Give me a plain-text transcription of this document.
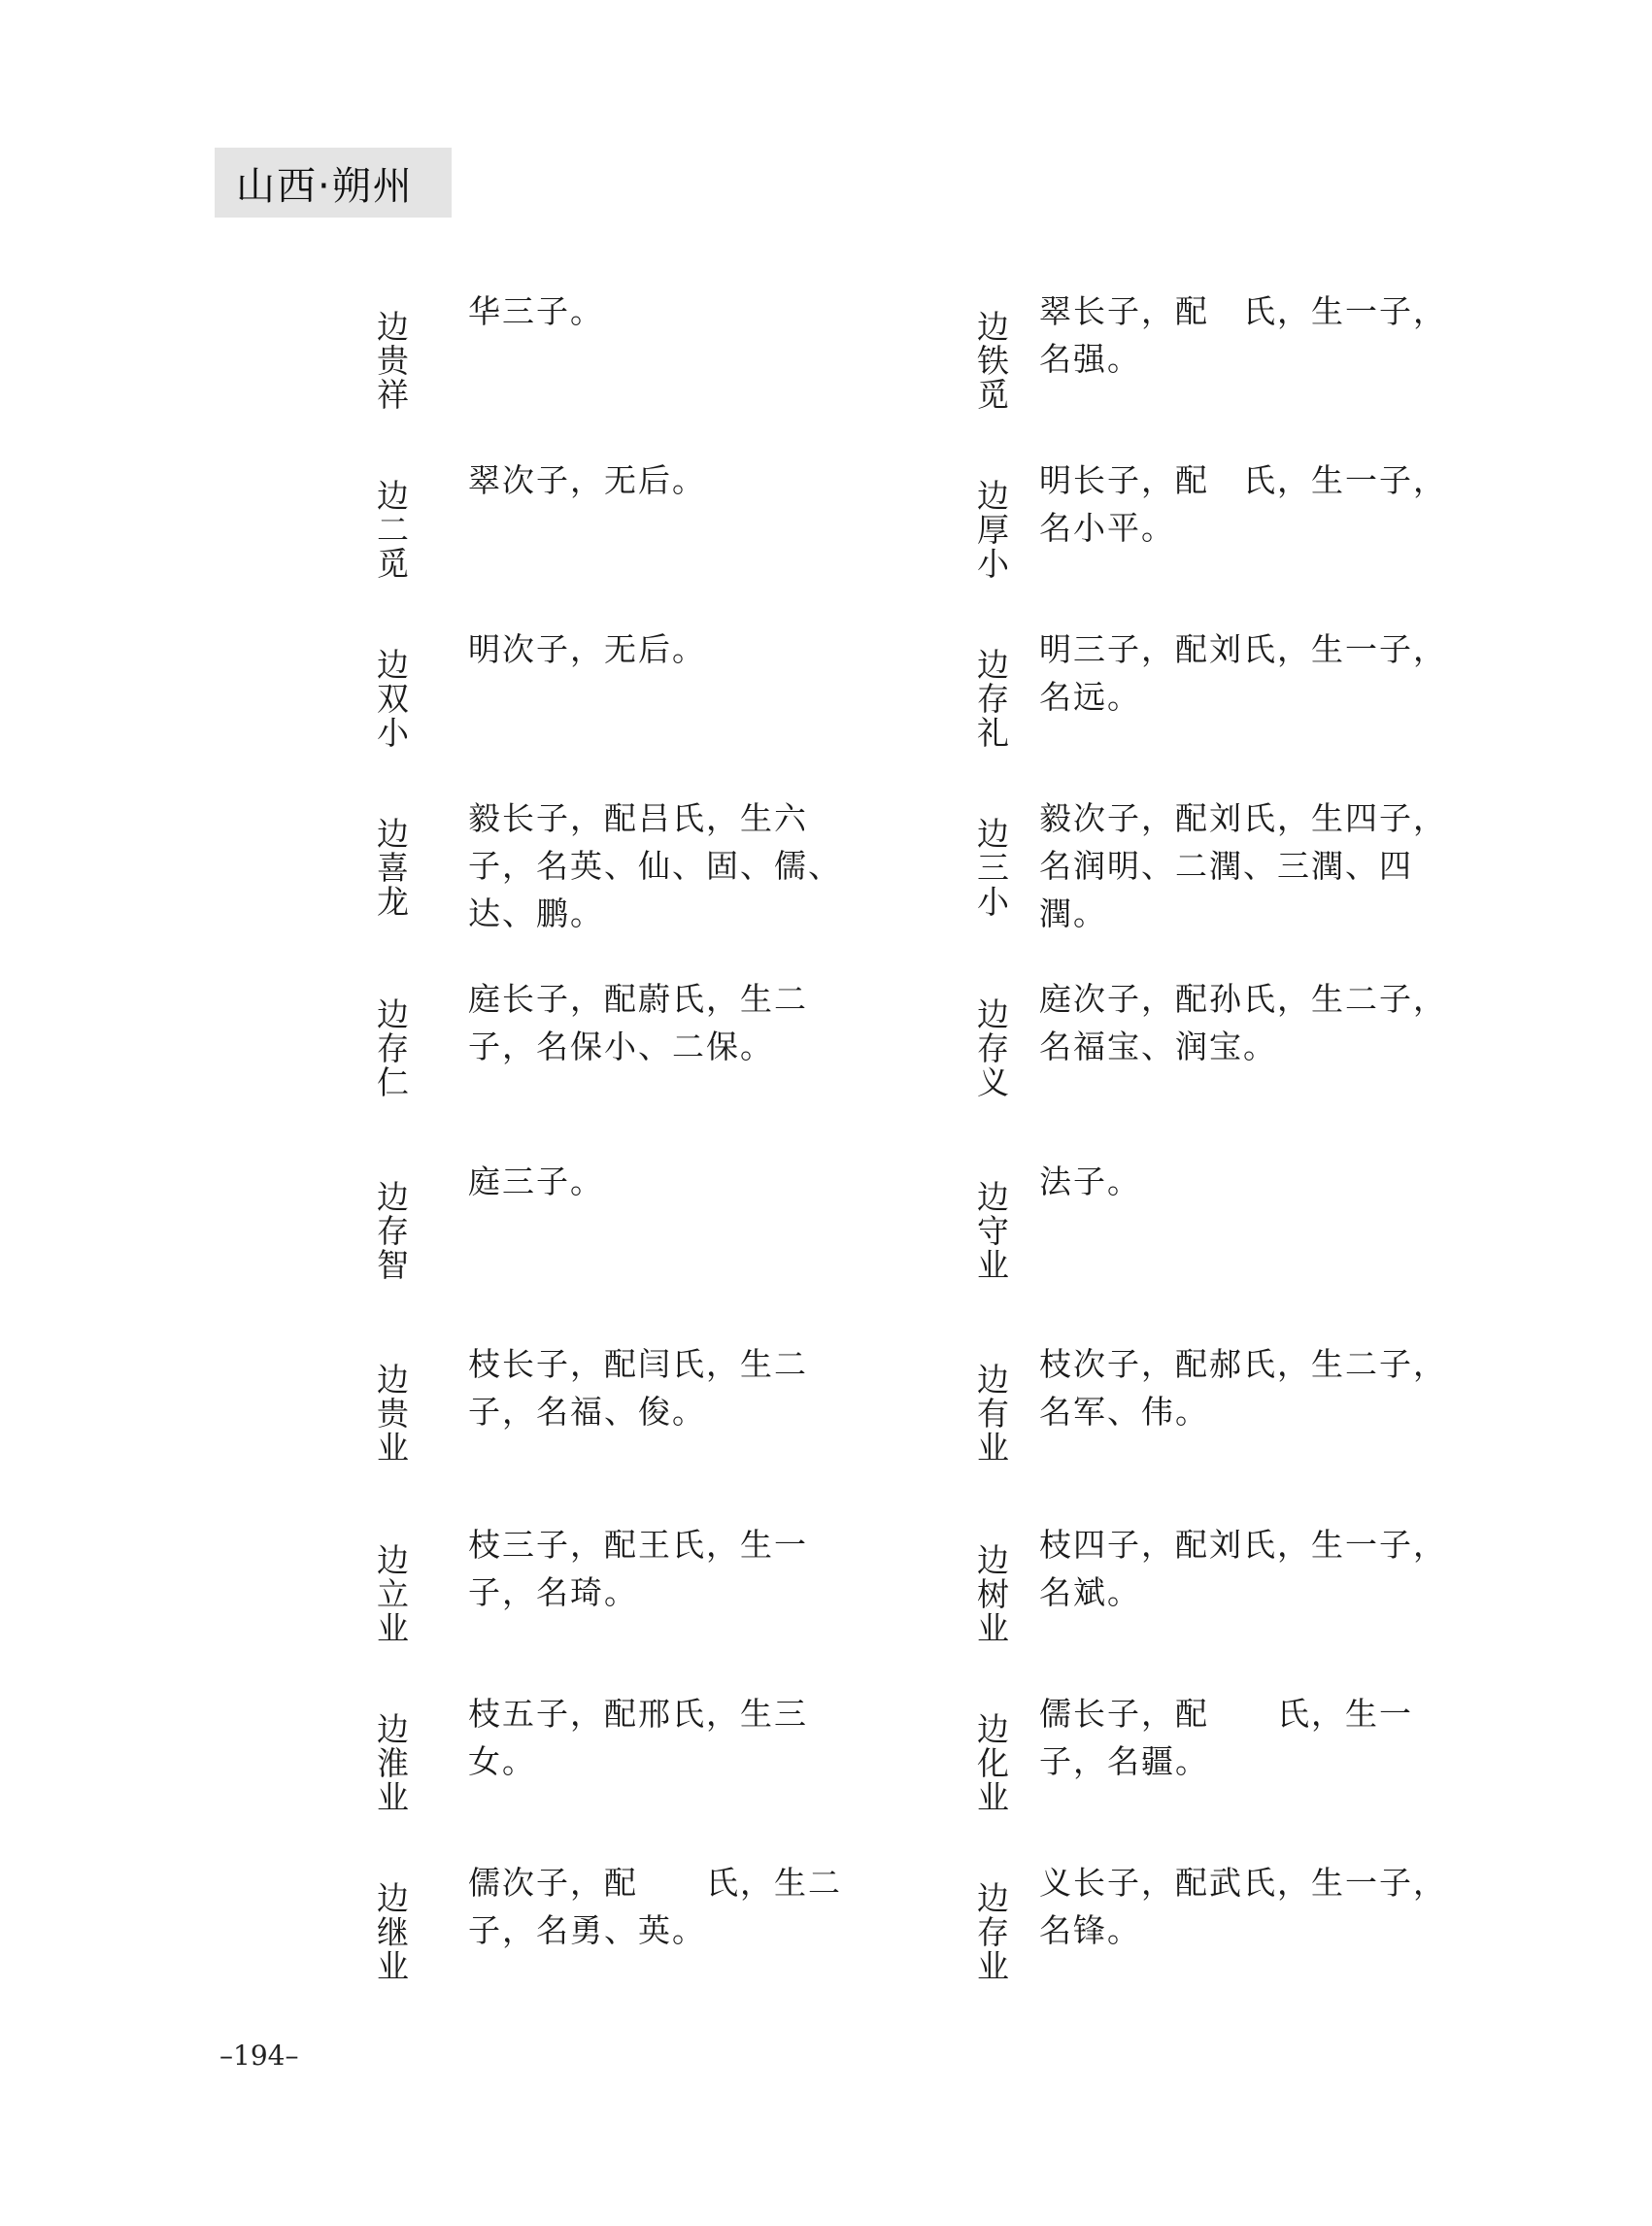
山西·朔州
边贵祥 华三子。	边铁觅 翠长子，配　氏，生一子，名强。
边二觅 翠次子，无后。	边厚小 明长子，配　氏，生一子，名小平。
边双小 明次子，无后。	边存礼 明三子，配刘氏，生一子，名远。
边喜龙 毅长子，配吕氏，生六子，名英、仙、固、儒、达、鹏。	边三小 毅次子，配刘氏，生四子，名润明、二潤、三潤、四潤。
边存仁 庭长子，配蔚氏，生二子，名保小、二保。	边存义 庭次子，配孙氏，生二子，名福宝、润宝。
边存智 庭三子。	边守业 法子。
边贵业 枝长子，配闫氏，生二子，名福、俊。	边有业 枝次子，配郝氏，生二子，名军、伟。
边立业 枝三子，配王氏，生一子，名琦。	边树业 枝四子，配刘氏，生一子，名斌。
边淮业 枝五子，配邢氏，生三女。	边化业 儒长子，配　　氏，生一子，名疆。
边继业 儒次子，配　　氏，生二子，名勇、英。	边存业 义长子，配武氏，生一子，名锋。
–194–
